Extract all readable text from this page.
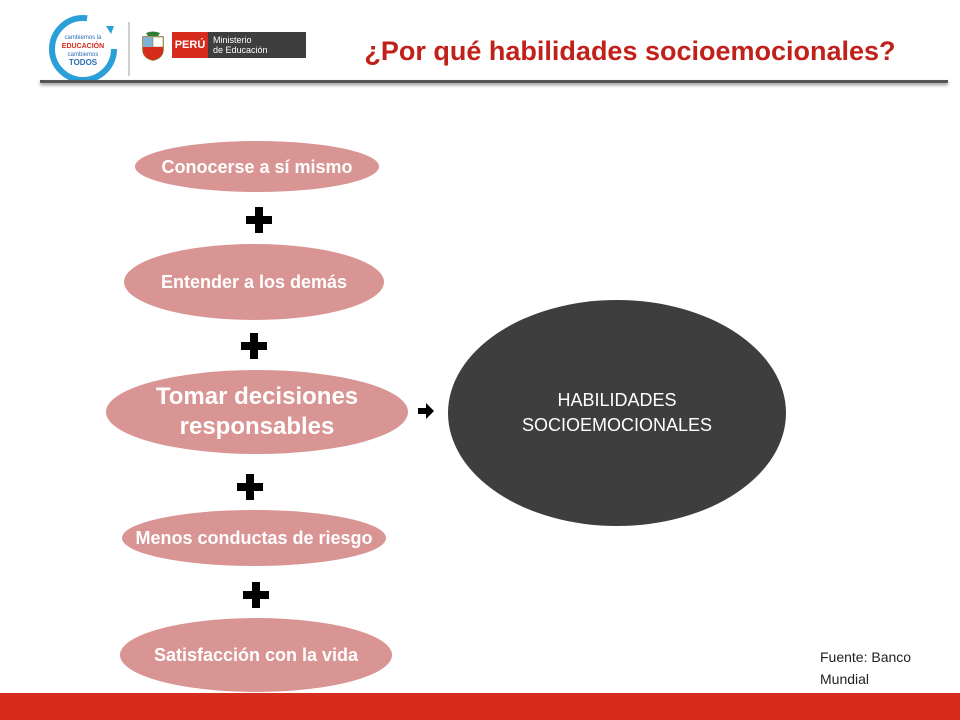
cambiemos la
EDUCACIÓN
cambiemos
TODOS
PERÚ Ministerio
de Educación	¿Por qué habilidades socioemocionales?
Conocerse a sí mismo
Entender a los demás
Tomar decisiones responsables
Menos conductas de riesgo
Satisfacción con la vida
HABILIDADES SOCIOEMOCIONALES
Fuente: Banco Mundial
